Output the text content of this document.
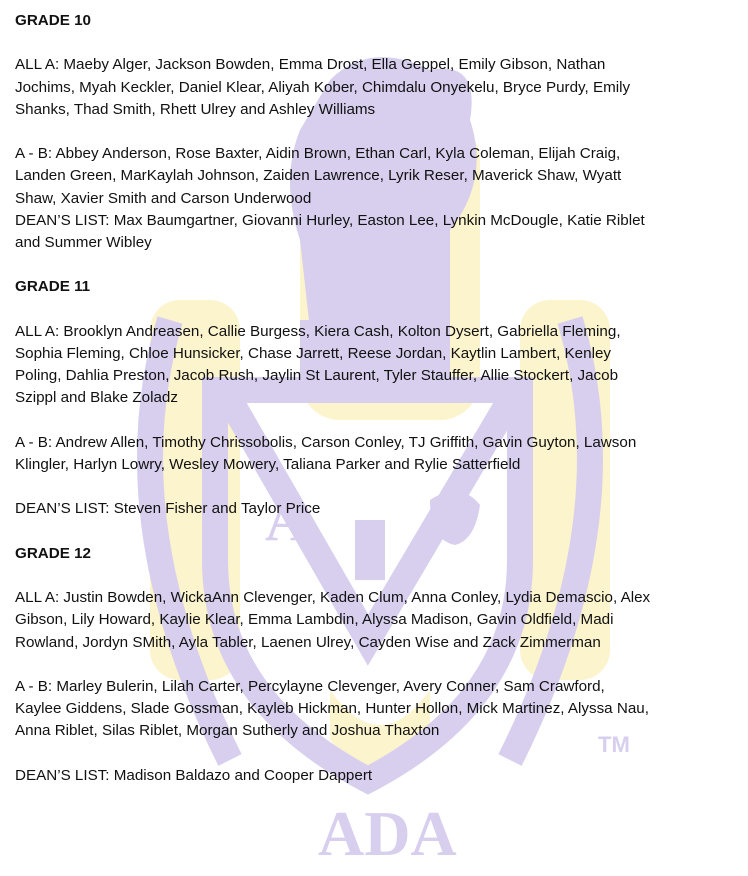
A
ADA
TM
GRADE 10

ALL A: Maeby Alger, Jackson Bowden, Emma Drost, Ella Geppel, Emily Gibson, Nathan
Jochims, Myah Keckler, Daniel Klear, Aliyah Kober, Chimdalu Onyekelu, Bryce Purdy, Emily
Shanks, Thad Smith, Rhett Ulrey and Ashley Williams

A - B: Abbey Anderson, Rose Baxter, Aidin Brown, Ethan Carl, Kyla Coleman, Elijah Craig,
Landen Green, MarKaylah Johnson, Zaiden Lawrence, Lyrik Reser, Maverick Shaw, Wyatt
Shaw, Xavier Smith and Carson Underwood

DEAN’S LIST: Max Baumgartner, Giovanni Hurley, Easton Lee, Lynkin McDougle, Katie Riblet
and Summer Wibley

GRADE 11

ALL A: Brooklyn Andreasen, Callie Burgess, Kiera Cash, Kolton Dysert, Gabriella Fleming,
Sophia Fleming, Chloe Hunsicker, Chase Jarrett, Reese Jordan, Kaytlin Lambert, Kenley
Poling, Dahlia Preston, Jacob Rush, Jaylin St Laurent, Tyler Stauffer, Allie Stockert, Jacob
Szippl and Blake Zoladz

A - B: Andrew Allen, Timothy Chrissobolis, Carson Conley, TJ Griffith, Gavin Guyton, Lawson
Klingler, Harlyn Lowry, Wesley Mowery, Taliana Parker and Rylie Satterfield

DEAN’S LIST: Steven Fisher and Taylor Price

GRADE 12

ALL A: Justin Bowden, WickaAnn Clevenger, Kaden Clum, Anna Conley, Lydia Demascio, Alex
Gibson, Lily Howard, Kaylie Klear, Emma Lambdin, Alyssa Madison, Gavin Oldfield, Madi
Rowland, Jordyn SMith, Ayla Tabler, Laenen Ulrey, Cayden Wise and Zack Zimmerman

A - B: Marley Bulerin, Lilah Carter, Percylayne Clevenger, Avery Conner, Sam Crawford,
Kaylee Giddens, Slade Gossman, Kayleb Hickman, Hunter Hollon, Mick Martinez, Alyssa Nau,
Anna Riblet, Silas Riblet, Morgan Sutherly and Joshua Thaxton

DEAN’S LIST: Madison Baldazo and Cooper Dappert
